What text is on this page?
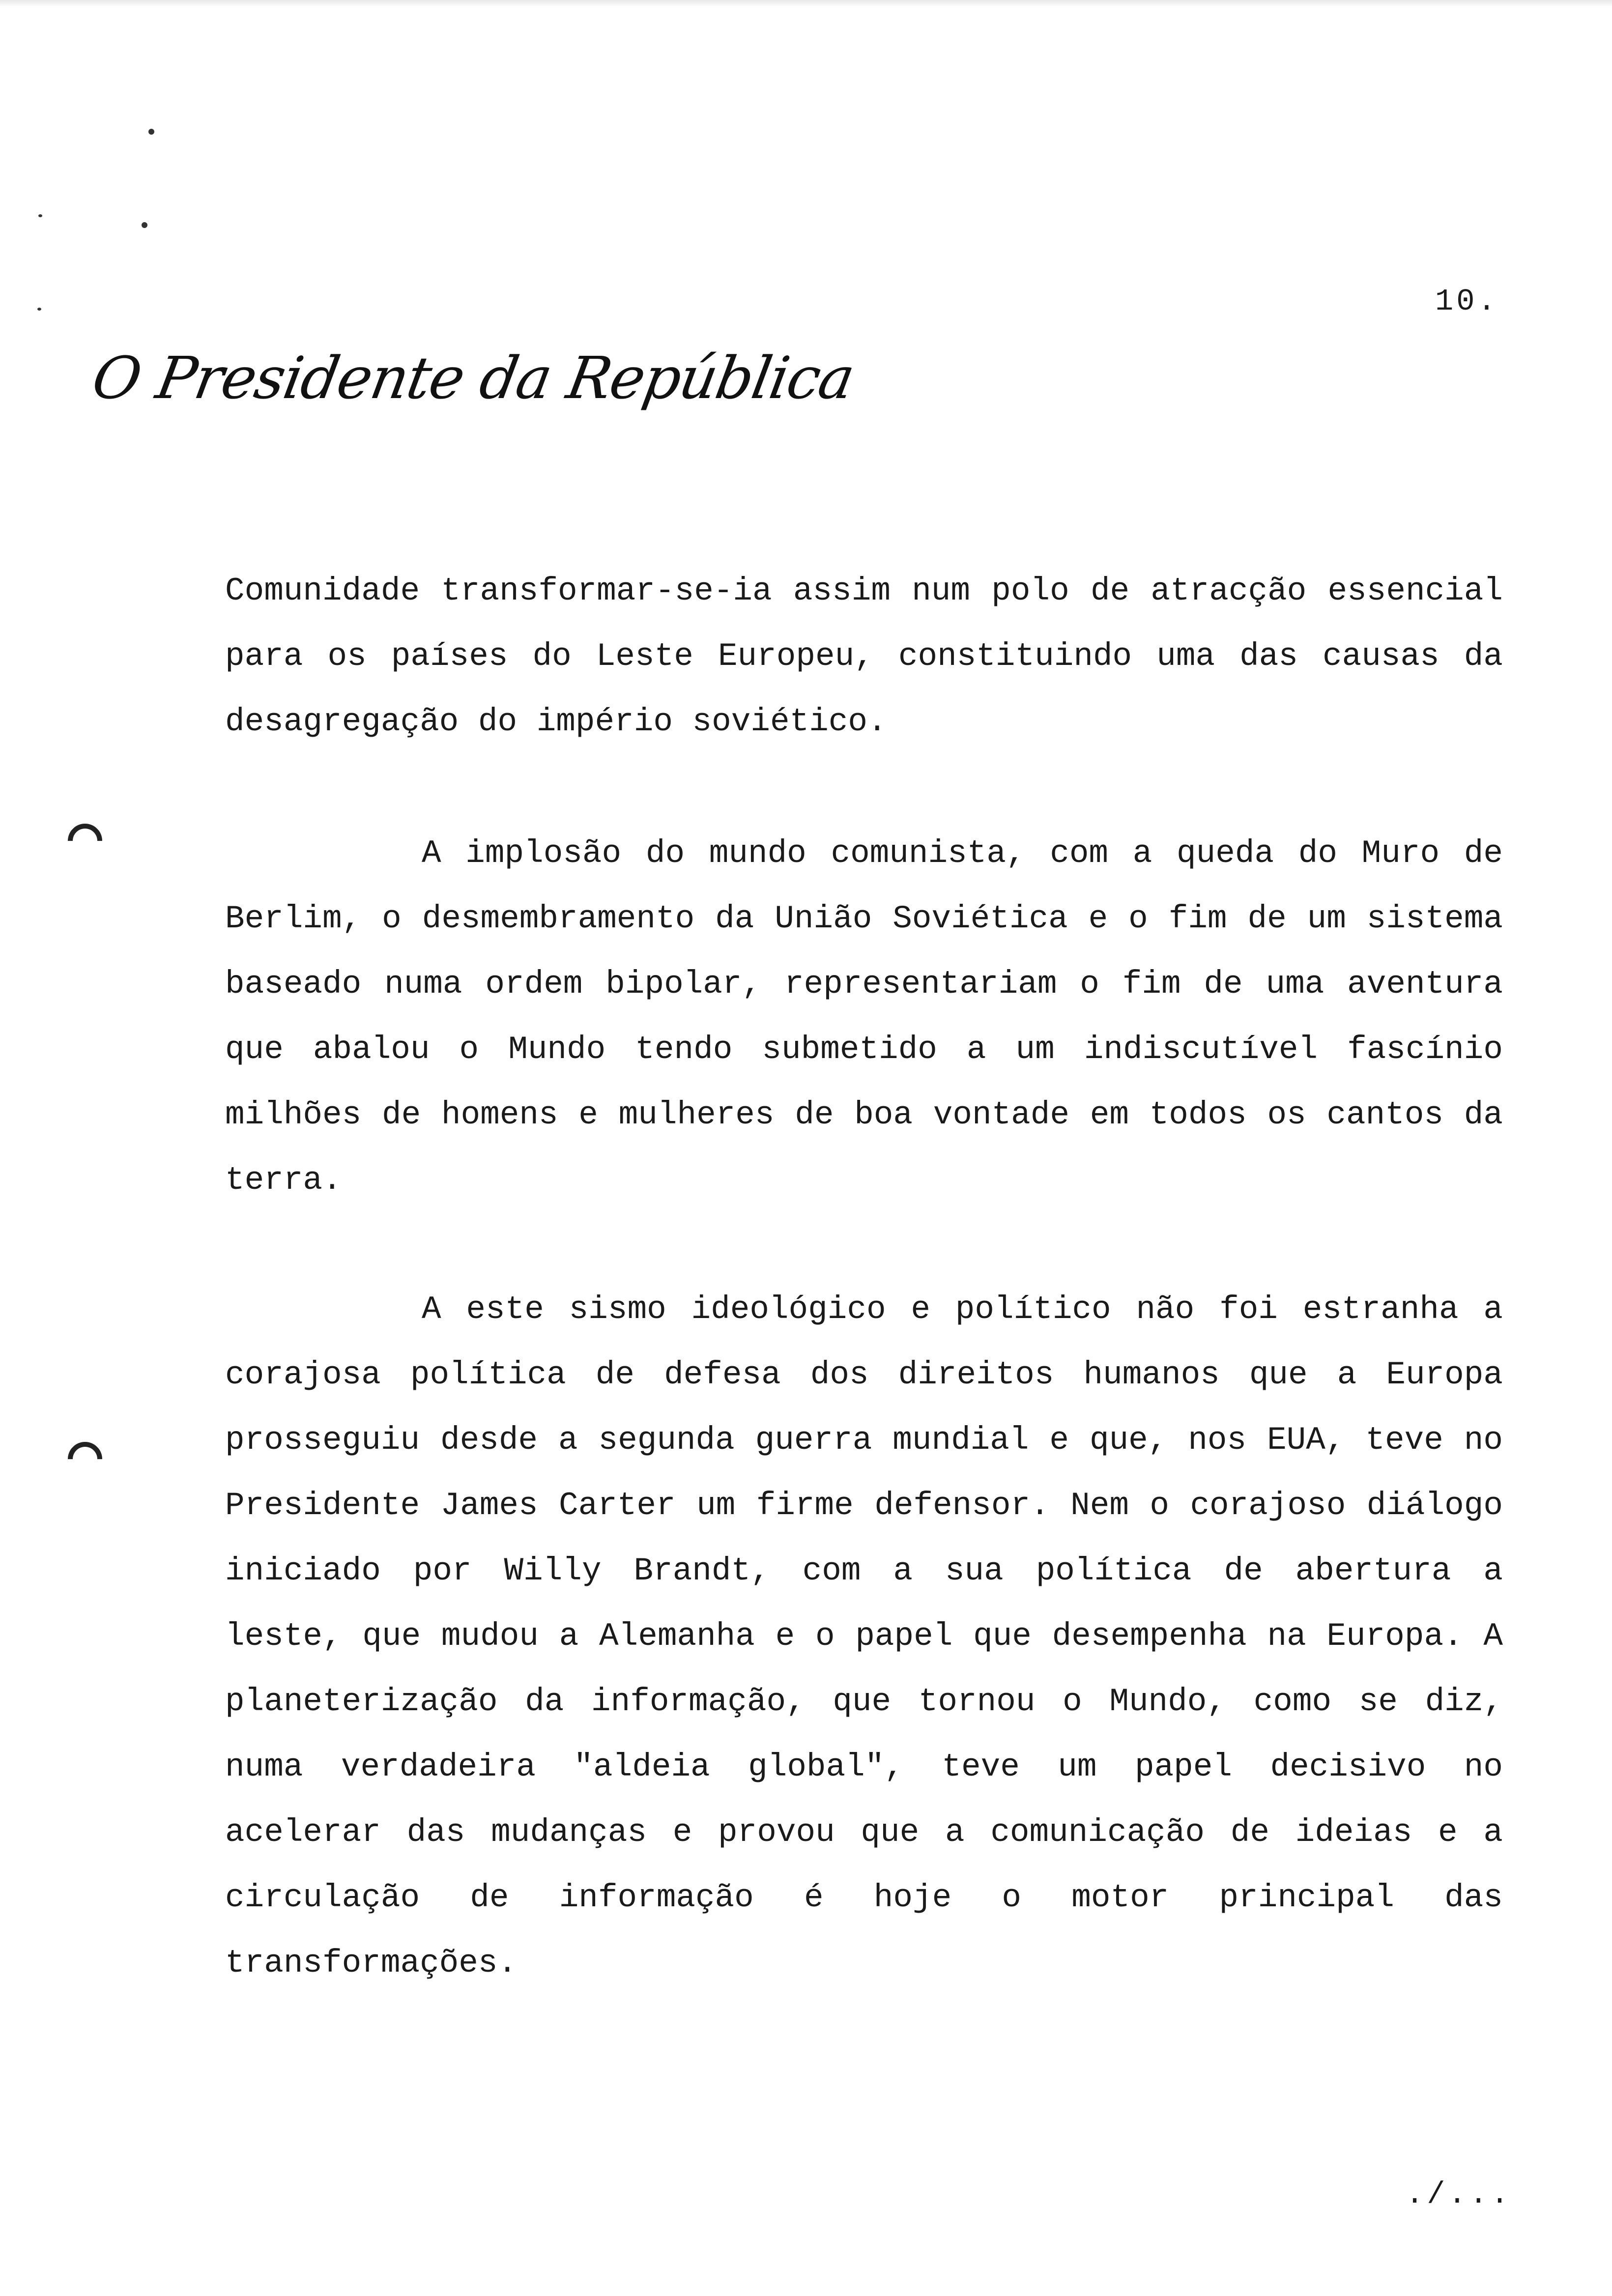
10.
O Presidente da República

Comunidade transformar-se-ia assim num polo de atracção essencial para os países do Leste Europeu, constituindo uma das causas da desagregação do império soviético.

A implosão do mundo comunista, com a queda do Muro de Berlim, o desmembramento da União Soviética e o fim de um sistema baseado numa ordem bipolar, representariam o fim de uma aventura que abalou o Mundo tendo submetido a um indiscutível fascínio milhões de homens e mulheres de boa vontade em todos os cantos da terra.

A este sismo ideológico e político não foi estranha a corajosa política de defesa dos direitos humanos que a Europa prosseguiu desde a segunda guerra mundial e que, nos EUA, teve no Presidente James Carter um firme defensor. Nem o corajoso diálogo iniciado por Willy Brandt, com a sua política de abertura a leste, que mudou a Alemanha e o papel que desempenha na Europa. A planeterização da informação, que tornou o Mundo, como se diz, numa verdadeira "aldeia global", teve um papel decisivo no acelerar das mudanças e provou que a comunicação de ideias e a circulação de informação é hoje o motor principal das transformações.

./...
